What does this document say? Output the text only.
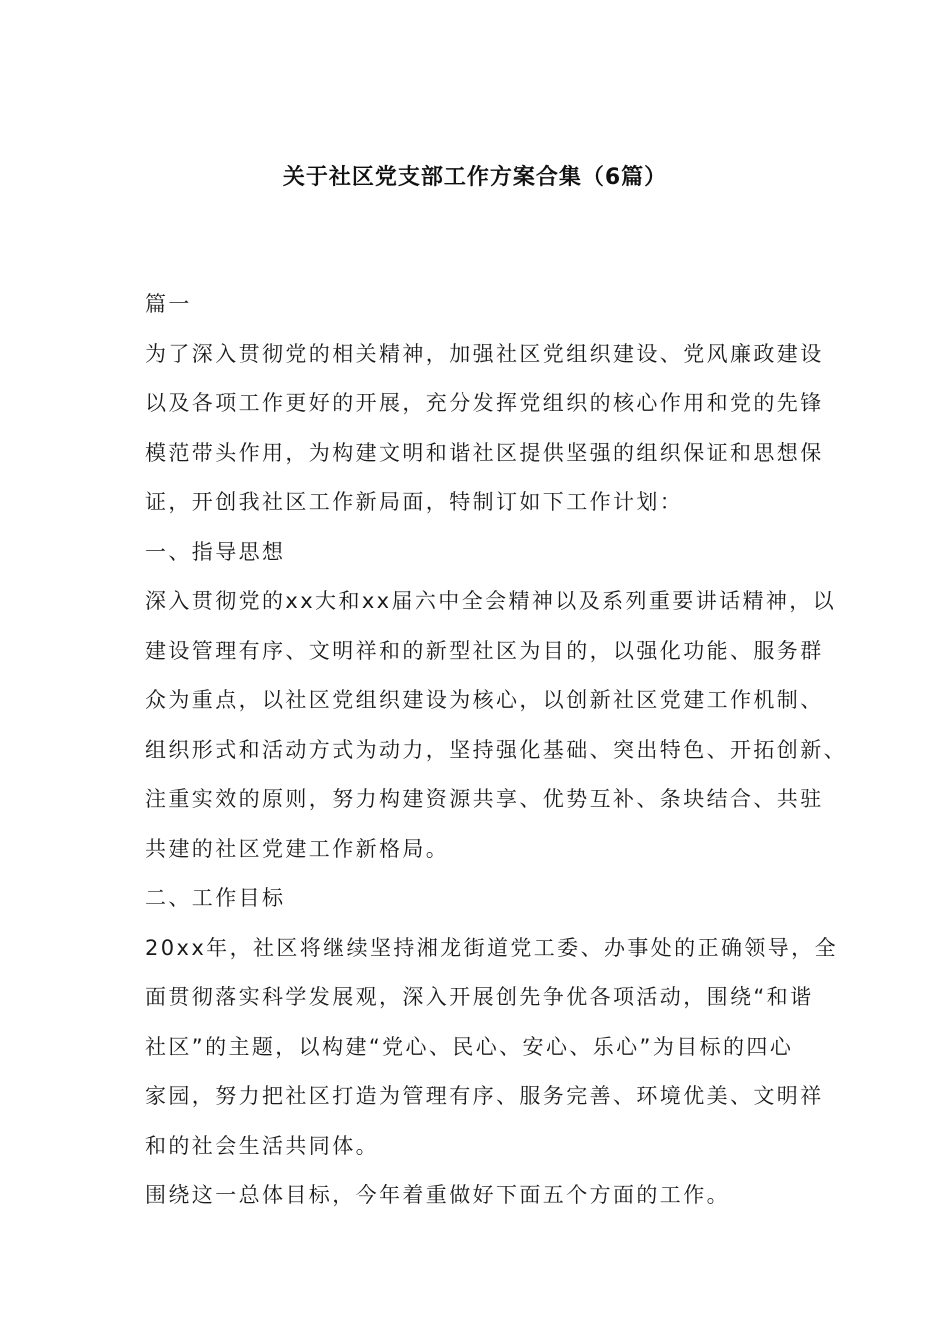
关于社区党支部工作方案合集（6篇）
篇一
为了深入贯彻党的相关精神，加强社区党组织建设、党风廉政建设
以及各项工作更好的开展，充分发挥党组织的核心作用和党的先锋
模范带头作用，为构建文明和谐社区提供坚强的组织保证和思想保
证，开创我社区工作新局面，特制订如下工作计划：
一、指导思想
深入贯彻党的xx大和xx届六中全会精神以及系列重要讲话精神，以
建设管理有序、文明祥和的新型社区为目的，以强化功能、服务群
众为重点，以社区党组织建设为核心，以创新社区党建工作机制、
组织形式和活动方式为动力，坚持强化基础、突出特色、开拓创新、
注重实效的原则，努力构建资源共享、优势互补、条块结合、共驻
共建的社区党建工作新格局。
二、工作目标
20xx年，社区将继续坚持湘龙街道党工委、办事处的正确领导，全
面贯彻落实科学发展观，深入开展创先争优各项活动，围绕“和谐
社区”的主题，以构建“党心、民心、安心、乐心”为目标的四心
家园，努力把社区打造为管理有序、服务完善、环境优美、文明祥
和的社会生活共同体。
围绕这一总体目标，今年着重做好下面五个方面的工作。
